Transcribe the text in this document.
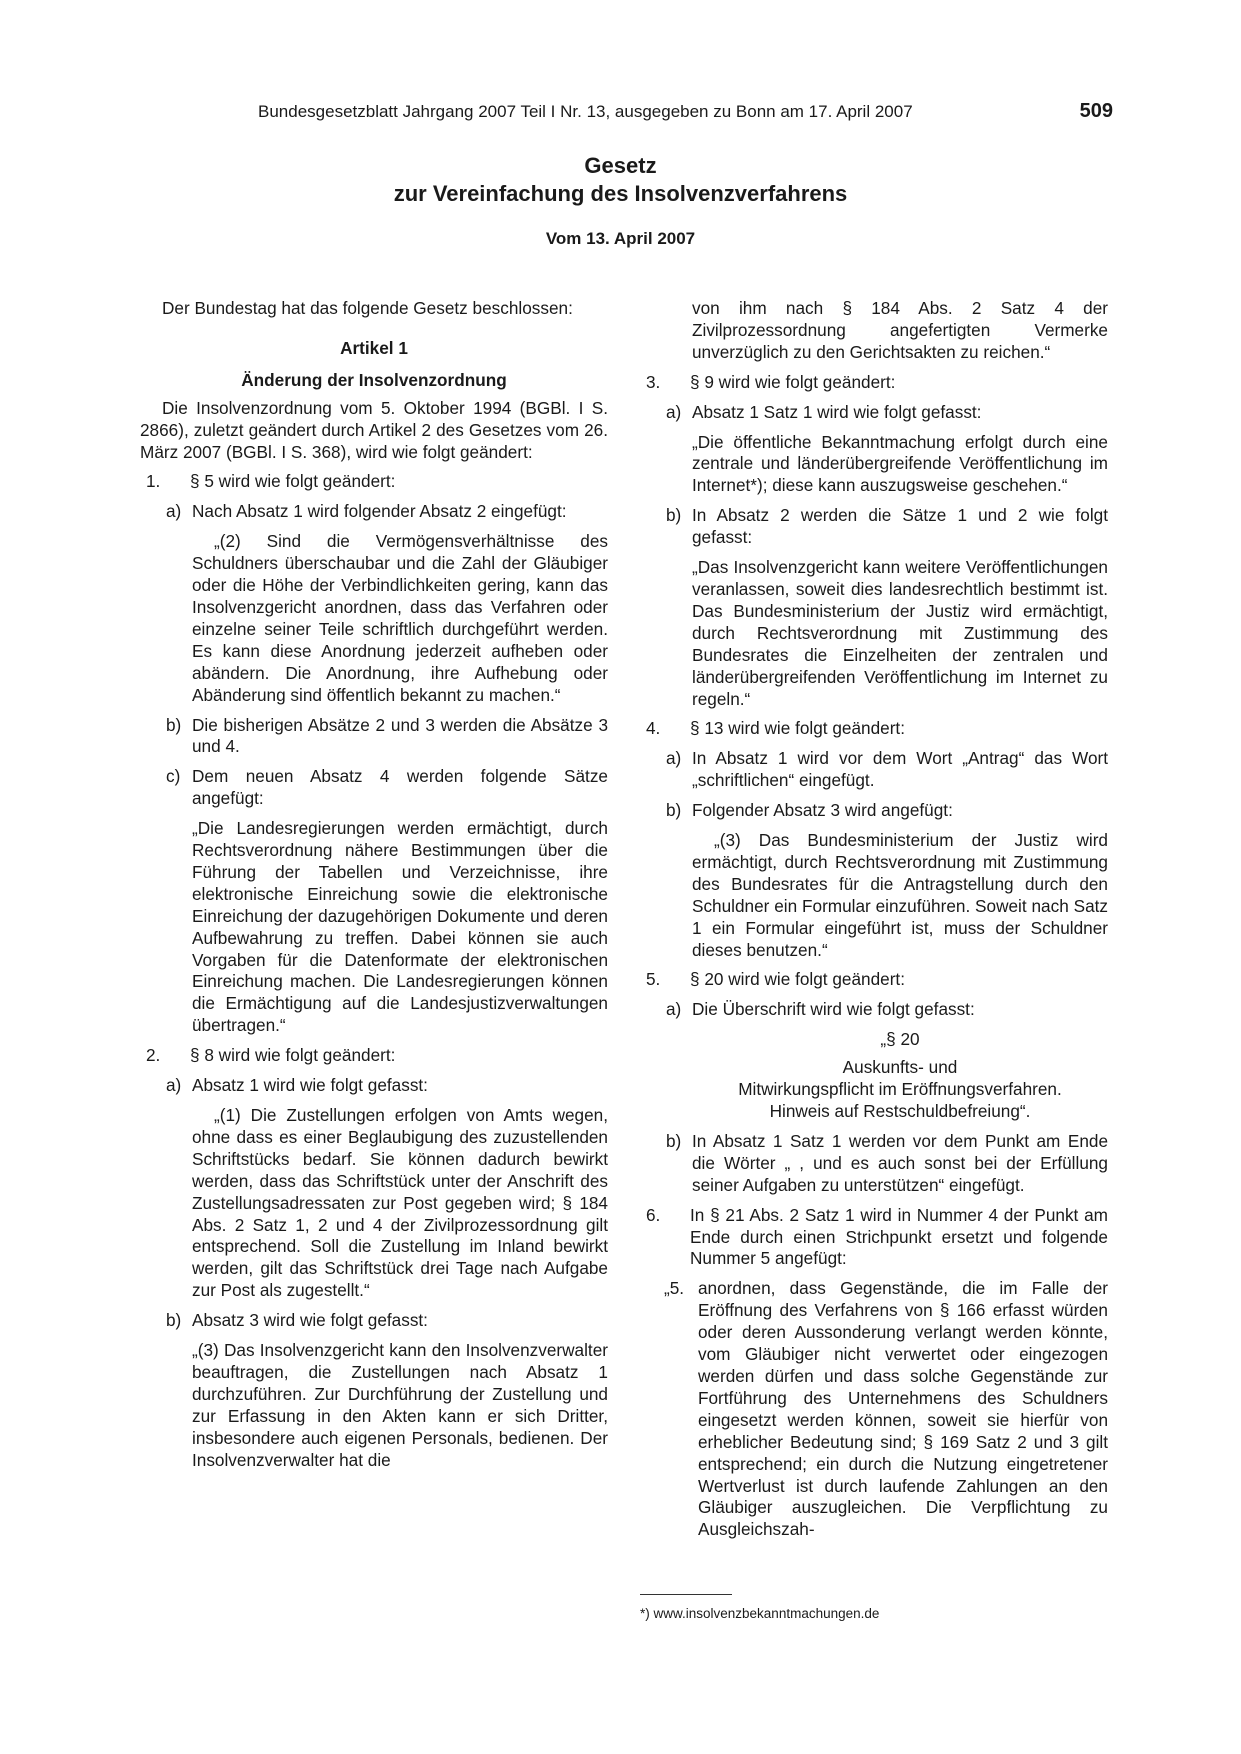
Bundesgesetzblatt Jahrgang 2007 Teil I Nr. 13, ausgegeben zu Bonn am 17. April 2007	509
Gesetz
zur Vereinfachung des Insolvenzverfahrens
Vom 13. April 2007

Der Bundestag hat das folgende Gesetz beschlossen:

Artikel 1

Änderung der Insolvenzordnung

Die Insolvenzordnung vom 5. Oktober 1994 (BGBl. I S. 2866), zuletzt geändert durch Artikel 2 des Gesetzes vom 26. März 2007 (BGBl. I S. 368), wird wie folgt geändert:

1. § 5 wird wie folgt geändert:
a) Nach Absatz 1 wird folgender Absatz 2 eingefügt:

„(2) Sind die Vermögensverhältnisse des Schuldners überschaubar und die Zahl der Gläubiger oder die Höhe der Verbindlichkeiten gering, kann das Insolvenzgericht anordnen, dass das Verfahren oder einzelne seiner Teile schriftlich durchgeführt werden. Es kann diese Anordnung jederzeit aufheben oder abändern. Die Anordnung, ihre Aufhebung oder Abänderung sind öffentlich bekannt zu machen.“

b) Die bisherigen Absätze 2 und 3 werden die Absätze 3 und 4.
c) Dem neuen Absatz 4 werden folgende Sätze angefügt:

„Die Landesregierungen werden ermächtigt, durch Rechtsverordnung nähere Bestimmungen über die Führung der Tabellen und Verzeichnisse, ihre elektronische Einreichung sowie die elektronische Einreichung der dazugehörigen Dokumente und deren Aufbewahrung zu treffen. Dabei können sie auch Vorgaben für die Datenformate der elektronischen Einreichung machen. Die Landesregierungen können die Ermächtigung auf die Landesjustizverwaltungen übertragen.“

2. § 8 wird wie folgt geändert:
a) Absatz 1 wird wie folgt gefasst:

„(1) Die Zustellungen erfolgen von Amts wegen, ohne dass es einer Beglaubigung des zuzustellenden Schriftstücks bedarf. Sie können dadurch bewirkt werden, dass das Schriftstück unter der Anschrift des Zustellungsadressaten zur Post gegeben wird; § 184 Abs. 2 Satz 1, 2 und 4 der Zivilprozessordnung gilt entsprechend. Soll die Zustellung im Inland bewirkt werden, gilt das Schriftstück drei Tage nach Aufgabe zur Post als zugestellt.“

b) Absatz 3 wird wie folgt gefasst:

„(3) Das Insolvenzgericht kann den Insolvenzverwalter beauftragen, die Zustellungen nach Absatz 1 durchzuführen. Zur Durchführung der Zustellung und zur Erfassung in den Akten kann er sich Dritter, insbesondere auch eigenen Personals, bedienen. Der Insolvenzverwalter hat die

von ihm nach § 184 Abs. 2 Satz 4 der Zivilprozessordnung angefertigten Vermerke unverzüglich zu den Gerichtsakten zu reichen.“

3. § 9 wird wie folgt geändert:
a) Absatz 1 Satz 1 wird wie folgt gefasst:

„Die öffentliche Bekanntmachung erfolgt durch eine zentrale und länderübergreifende Veröffentlichung im Internet*); diese kann auszugsweise geschehen.“

b) In Absatz 2 werden die Sätze 1 und 2 wie folgt gefasst:

„Das Insolvenzgericht kann weitere Veröffentlichungen veranlassen, soweit dies landesrechtlich bestimmt ist. Das Bundesministerium der Justiz wird ermächtigt, durch Rechtsverordnung mit Zustimmung des Bundesrates die Einzelheiten der zentralen und länderübergreifenden Veröffentlichung im Internet zu regeln.“

4. § 13 wird wie folgt geändert:
a) In Absatz 1 wird vor dem Wort „Antrag“ das Wort „schriftlichen“ eingefügt.
b) Folgender Absatz 3 wird angefügt:

„(3) Das Bundesministerium der Justiz wird ermächtigt, durch Rechtsverordnung mit Zustimmung des Bundesrates für die Antragstellung durch den Schuldner ein Formular einzuführen. Soweit nach Satz 1 ein Formular eingeführt ist, muss der Schuldner dieses benutzen.“

5. § 20 wird wie folgt geändert:
a) Die Überschrift wird wie folgt gefasst:

„§ 20

Auskunfts- und

Mitwirkungspflicht im Eröffnungsverfahren.

Hinweis auf Restschuldbefreiung“.

b) In Absatz 1 Satz 1 werden vor dem Punkt am Ende die Wörter „ , und es auch sonst bei der Erfüllung seiner Aufgaben zu unterstützen“ eingefügt.
6. In § 21 Abs. 2 Satz 1 wird in Nummer 4 der Punkt am Ende durch einen Strichpunkt ersetzt und folgende Nummer 5 angefügt:
„5. anordnen, dass Gegenstände, die im Falle der Eröffnung des Verfahrens von § 166 erfasst würden oder deren Aussonderung verlangt werden könnte, vom Gläubiger nicht verwertet oder eingezogen werden dürfen und dass solche Gegenstände zur Fortführung des Unternehmens des Schuldners eingesetzt werden können, soweit sie hierfür von erheblicher Bedeutung sind; § 169 Satz 2 und 3 gilt entsprechend; ein durch die Nutzung eingetretener Wertverlust ist durch laufende Zahlungen an den Gläubiger auszugleichen. Die Verpflichtung zu Ausgleichszah-
*) www.insolvenzbekanntmachungen.de
